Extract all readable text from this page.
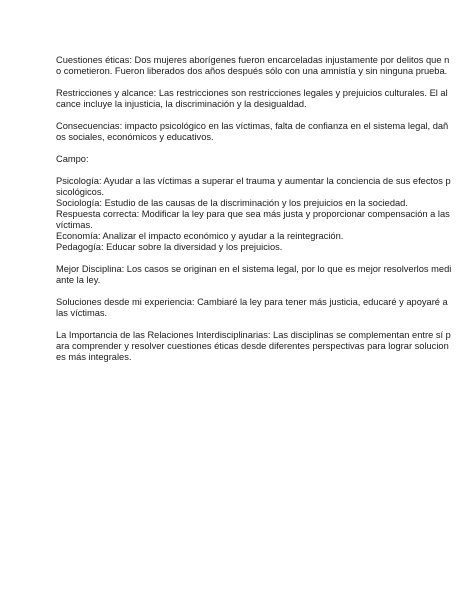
Cuestiones éticas: Dos mujeres aborígenes fueron encarceladas injustamente por delitos que n
o cometieron. Fueron liberados dos años después sólo con una amnistía y sin ninguna prueba.
Restricciones y alcance: Las restricciones son restricciones legales y prejuicios culturales. El al
cance incluye la injusticia, la discriminación y la desigualdad.
Consecuencias: impacto psicológico en las víctimas, falta de confianza en el sistema legal, dañ
os sociales, económicos y educativos.
Campo:
Psicología: Ayudar a las víctimas a superar el trauma y aumentar la conciencia de sus efectos p
sicológicos.
Sociología: Estudio de las causas de la discriminación y los prejuicios en la sociedad.
Respuesta correcta: Modificar la ley para que sea más justa y proporcionar compensación a las
víctimas.
Economía: Analizar el impacto económico y ayudar a la reintegración.
Pedagogía: Educar sobre la diversidad y los prejuicios.
Mejor Disciplina: Los casos se originan en el sistema legal, por lo que es mejor resolverlos medi
ante la ley.
Soluciones desde mi experiencia: Cambiaré la ley para tener más justicia, educaré y apoyaré a
las víctimas.
La Importancia de las Relaciones Interdisciplinarias: Las disciplinas se complementan entre sí p
ara comprender y resolver cuestiones éticas desde diferentes perspectivas para lograr solucion
es más integrales.
